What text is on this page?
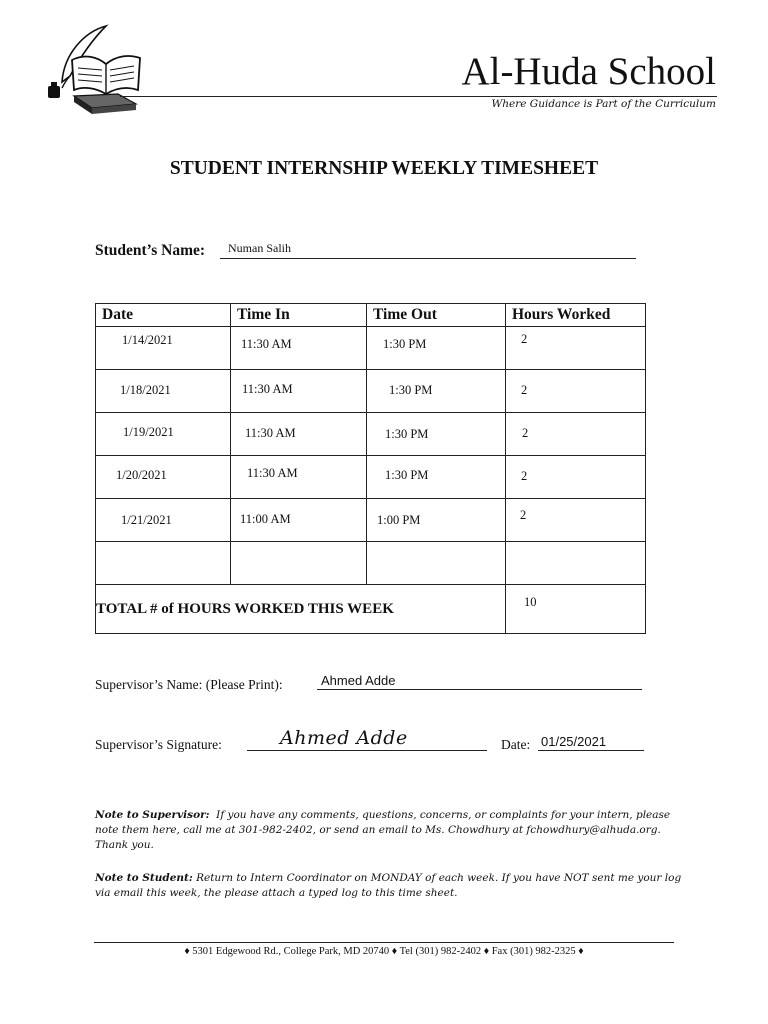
Al-Huda School
Where Guidance is Part of the Curriculum
STUDENT INTERNSHIP WEEKLY TIMESHEET
Student’s Name: Numan Salih
Date	Time In	Time Out	Hours Worked

1/14/2021	11:30 AM	1:30 PM	2

1/18/2021	11:30 AM	1:30 PM	2

1/19/2021	11:30 AM	1:30 PM	2

1/20/2021	11:30 AM	1:30 PM	2

1/21/2021	11:00 AM	1:00 PM	2

TOTAL # of HOURS WORKED THIS WEEK			10
Supervisor’s Name: (Please Print):	Ahmed Adde
Supervisor’s Signature:	Ahmed Adde	Date: 01/25/2021
Note to Supervisor: If you have any comments, questions, concerns, or complaints for your intern, please note them here, call me at 301-982-2402, or send an email to Ms. Chowdhury at fchowdhury@alhuda.org. Thank you.
Note to Student: Return to Intern Coordinator on MONDAY of each week. If you have NOT sent me your log via email this week, the please attach a typed log to this time sheet.
♦ 5301 Edgewood Rd., College Park, MD 20740 ♦ Tel (301) 982-2402 ♦ Fax (301) 982-2325 ♦
